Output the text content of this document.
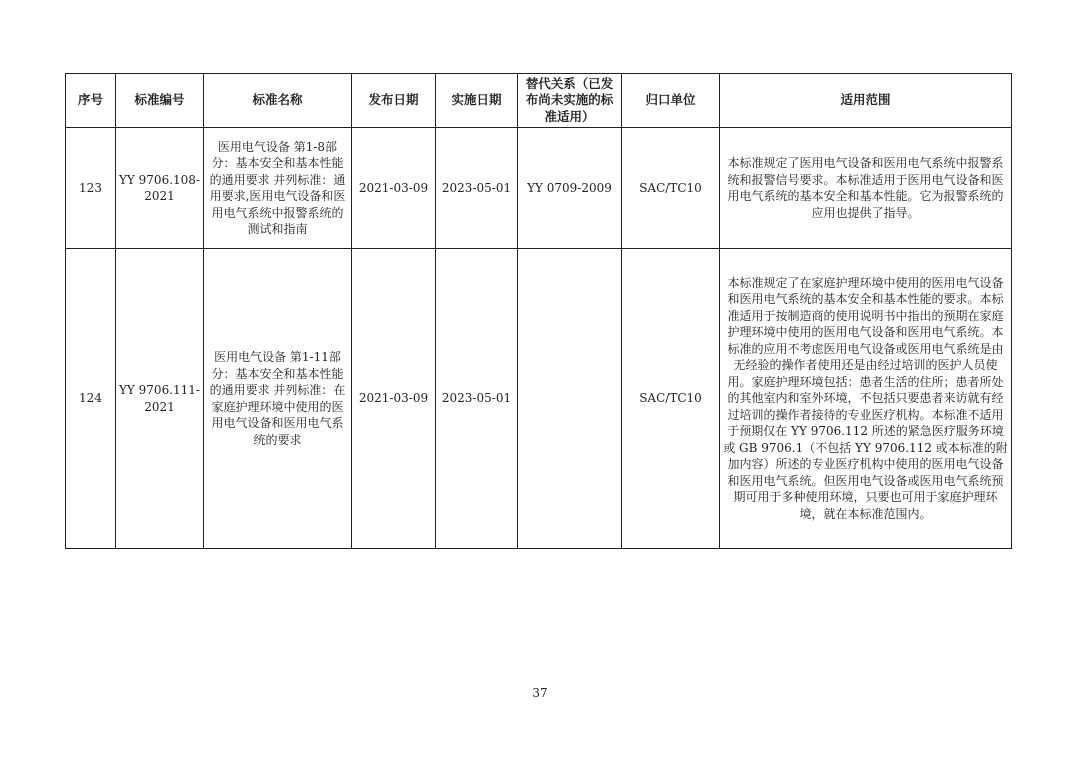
序号	标准编号	标准名称	发布日期	实施日期	替代关系（已发布尚未实施的标准适用）	归口单位	适用范围
123	YY 9706.108-2021	医用电气设备 第1-8部分：基本安全和基本性能的通用要求 并列标准：通用要求,医用电气设备和医用电气系统中报警系统的测试和指南	2021-03-09	2023-05-01	YY 0709-2009	SAC/TC10	本标准规定了医用电气设备和医用电气系统中报警系统和报警信号要求。本标准适用于医用电气设备和医用电气系统的基本安全和基本性能。它为报警系统的应用也提供了指导。
124	YY 9706.111-2021	医用电气设备 第1-11部分：基本安全和基本性能的通用要求 并列标准：在家庭护理环境中使用的医用电气设备和医用电气系统的要求	2021-03-09	2023-05-01		SAC/TC10	本标准规定了在家庭护理环境中使用的医用电气设备和医用电气系统的基本安全和基本性能的要求。本标准适用于按制造商的使用说明书中指出的预期在家庭护理环境中使用的医用电气设备和医用电气系统。本标准的应用不考虑医用电气设备或医用电气系统是由无经验的操作者使用还是由经过培训的医护人员使用。家庭护理环境包括：患者生活的住所；患者所处的其他室内和室外环境，不包括只要患者来访就有经过培训的操作者接待的专业医疗机构。本标准不适用于预期仅在 YY 9706.112 所述的紧急医疗服务环境或 GB 9706.1（不包括 YY 9706.112 或本标准的附加内容）所述的专业医疗机构中使用的医用电气设备和医用电气系统。但医用电气设备或医用电气系统预期可用于多种使用环境，只要也可用于家庭护理环境，就在本标准范围内。
37
